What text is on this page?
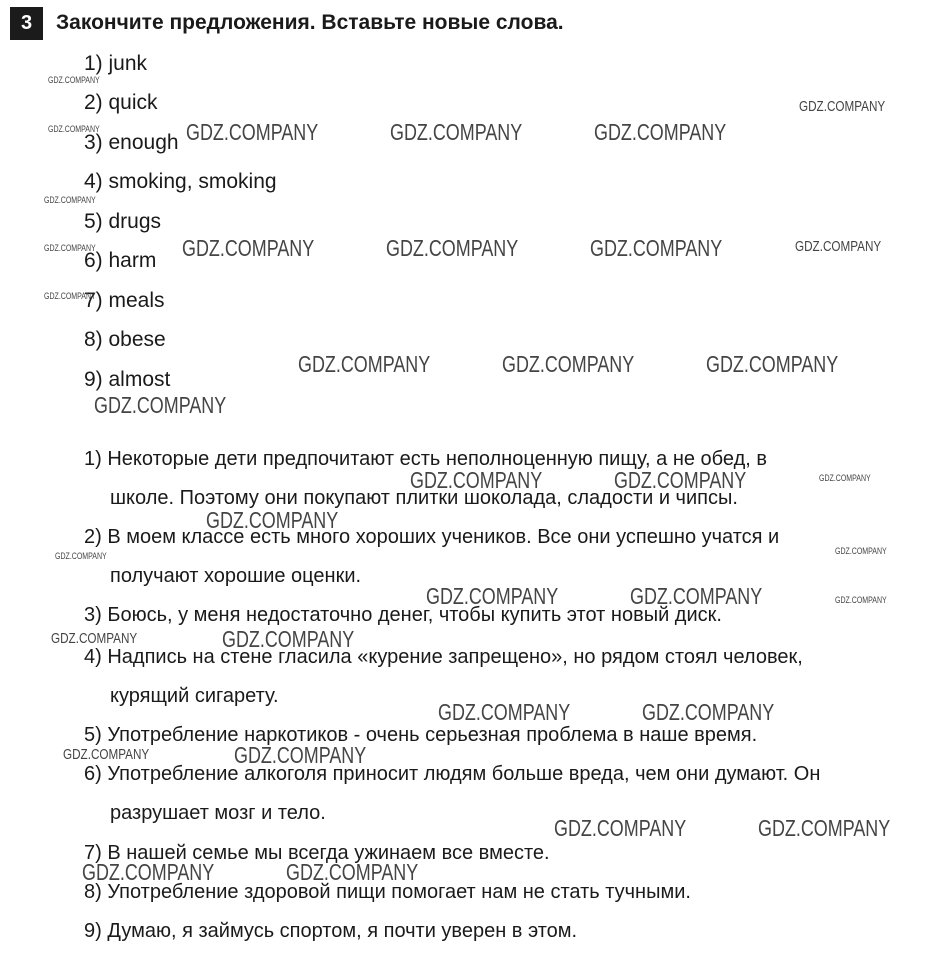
3	Закончите предложения. Вставьте новые слова.
1) junk
2) quick
3) enough
4) smoking, smoking
5) drugs
6) harm
7) meals
8) obese
9) almost
1) Некоторые дети предпочитают есть неполноценную пищу, а не обед, в
школе. Поэтому они покупают плитки шоколада, сладости и чипсы.
2) В моем классе есть много хороших учеников. Все они успешно учатся и
получают хорошие оценки.
3) Боюсь, у меня недостаточно денег, чтобы купить этот новый диск.
4) Надпись на стене гласила «курение запрещено», но рядом стоял человек,
курящий сигарету.
5) Употребление наркотиков - очень серьезная проблема в наше время.
6) Употребление алкоголя приносит людям больше вреда, чем они думают. Он
разрушает мозг и тело.
7) В нашей семье мы всегда ужинаем все вместе.
8) Употребление здоровой пищи помогает нам не стать тучными.
9) Думаю, я займусь спортом, я почти уверен в этом.
GDZ.COMPANY	GDZ.COMPANY	GDZ.COMPANY
GDZ.COMPANY	GDZ.COMPANY	GDZ.COMPANY
GDZ.COMPANY	GDZ.COMPANY	GDZ.COMPANY
GDZ.COMPANY
GDZ.COMPANY	GDZ.COMPANY
GDZ.COMPANY
GDZ.COMPANY	GDZ.COMPANY
GDZ.COMPANY
GDZ.COMPANY	GDZ.COMPANY
GDZ.COMPANY
GDZ.COMPANY	GDZ.COMPANY
GDZ.COMPANY	GDZ.COMPANY
GDZ.COMPANY
GDZ.COMPANY
GDZ.COMPANY
GDZ.COMPANY
GDZ.COMPANY
GDZ.COMPANY
GDZ.COMPANY
GDZ.COMPANY
GDZ.COMPANY
GDZ.COMPANY
GDZ.COMPANY	GDZ.COMPANY
GDZ.COMPANY
